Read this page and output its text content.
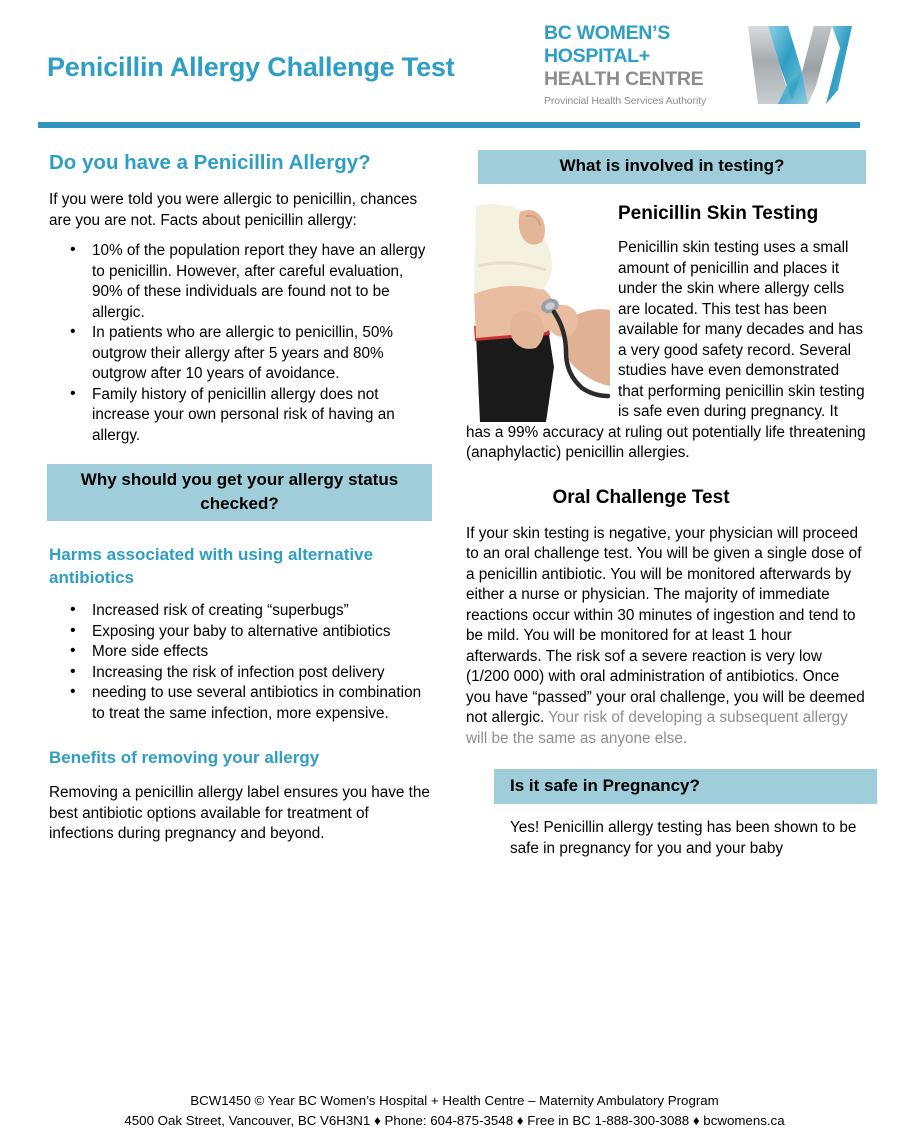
Penicillin Allergy Challenge Test
BC WOMEN’S
HOSPITAL+
HEALTH CENTRE
Provincial Health Services Authority
Do you have a Penicillin Allergy?

If you were told you were allergic to penicillin, chances are you are not. Facts about penicillin allergy:

• 10% of the population report they have an allergy to penicillin. However, after careful evaluation, 90% of these individuals are found not to be allergic.
• In patients who are allergic to penicillin, 50% outgrow their allergy after 5 years and 80% outgrow after 10 years of avoidance.
• Family history of penicillin allergy does not increase your own personal risk of having an allergy.
Why should you get your allergy status checked?
Harms associated with using alternative antibiotics
• Increased risk of creating “superbugs”
• Exposing your baby to alternative antibiotics
• More side effects
• Increasing the risk of infection post delivery
• needing to use several antibiotics in combination to treat the same infection, more expensive.
Benefits of removing your allergy

Removing a penicillin allergy label ensures you have the best antibiotic options available for treatment of infections during pregnancy and beyond.

What is involved in testing?
Penicillin Skin Testing

Penicillin skin testing uses a small amount of penicillin and places it under the skin where allergy cells are located. This test has been available for many decades and has a very good safety record. Several studies have even demonstrated that performing penicillin skin testing is safe even during pregnancy. It has a 99% accuracy at ruling out potentially life threatening (anaphylactic) penicillin allergies.

Oral Challenge Test

If your skin testing is negative, your physician will proceed to an oral challenge test. You will be given a single dose of a penicillin antibiotic. You will be monitored afterwards by either a nurse or physician. The majority of immediate reactions occur within 30 minutes of ingestion and tend to be mild. You will be monitored for at least 1 hour afterwards. The risk sof a severe reaction is very low (1/200 000) with oral administration of antibiotics. Once you have “passed” your oral challenge, you will be deemed not allergic. Your risk of developing a subsequent allergy will be the same as anyone else.

Is it safe in Pregnancy?

Yes! Penicillin allergy testing has been shown to be safe in pregnancy for you and your baby

BCW1450 © Year BC Women’s Hospital + Health Centre – Maternity Ambulatory Program
4500 Oak Street, Vancouver, BC V6H3N1 ♦ Phone: 604-875-3548 ♦ Free in BC 1-888-300-3088 ♦ bcwomens.ca
